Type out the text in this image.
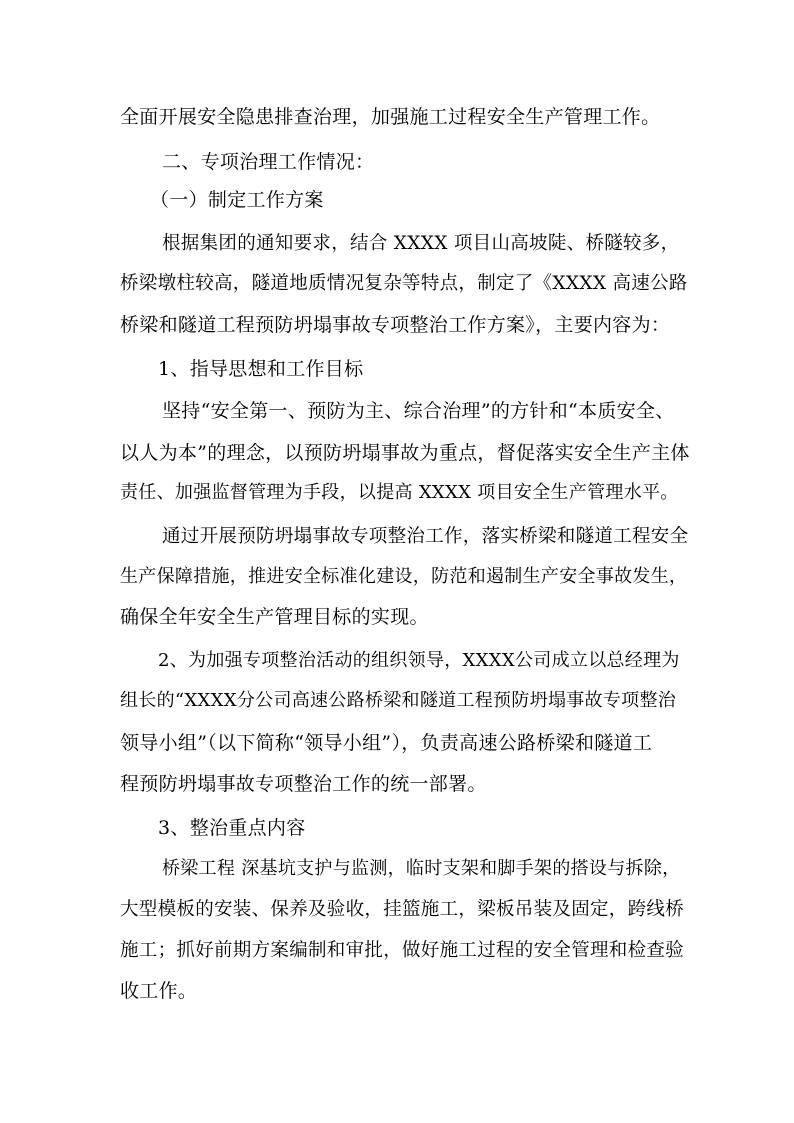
全面开展安全隐患排查治理，加强施工过程安全生产管理工作。
二、专项治理工作情况：
（一）制定工作方案
根据集团的通知要求，结合 XXXX 项目山高坡陡、桥隧较多，
桥梁墩柱较高，隧道地质情况复杂等特点，制定了《XXXX 高速公路
桥梁和隧道工程预防坍塌事故专项整治工作方案》，主要内容为：
1、指导思想和工作目标
坚持“安全第一、预防为主、综合治理”的方针和“本质安全、
以人为本”的理念，以预防坍塌事故为重点，督促落实安全生产主体
责任、加强监督管理为手段，以提高 XXXX 项目安全生产管理水平。
通过开展预防坍塌事故专项整治工作，落实桥梁和隧道工程安全
生产保障措施，推进安全标准化建设，防范和遏制生产安全事故发生，
确保全年安全生产管理目标的实现。
2、为加强专项整治活动的组织领导，XXXX公司成立以总经理为
组长的“XXXX分公司高速公路桥梁和隧道工程预防坍塌事故专项整治
领导小组”（以下简称“领导小组”），负责高速公路桥梁和隧道工
程预防坍塌事故专项整治工作的统一部署。
3、整治重点内容
桥梁工程 深基坑支护与监测，临时支架和脚手架的搭设与拆除，
大型模板的安装、保养及验收，挂篮施工，梁板吊装及固定，跨线桥
施工；抓好前期方案编制和审批，做好施工过程的安全管理和检查验
收工作。
